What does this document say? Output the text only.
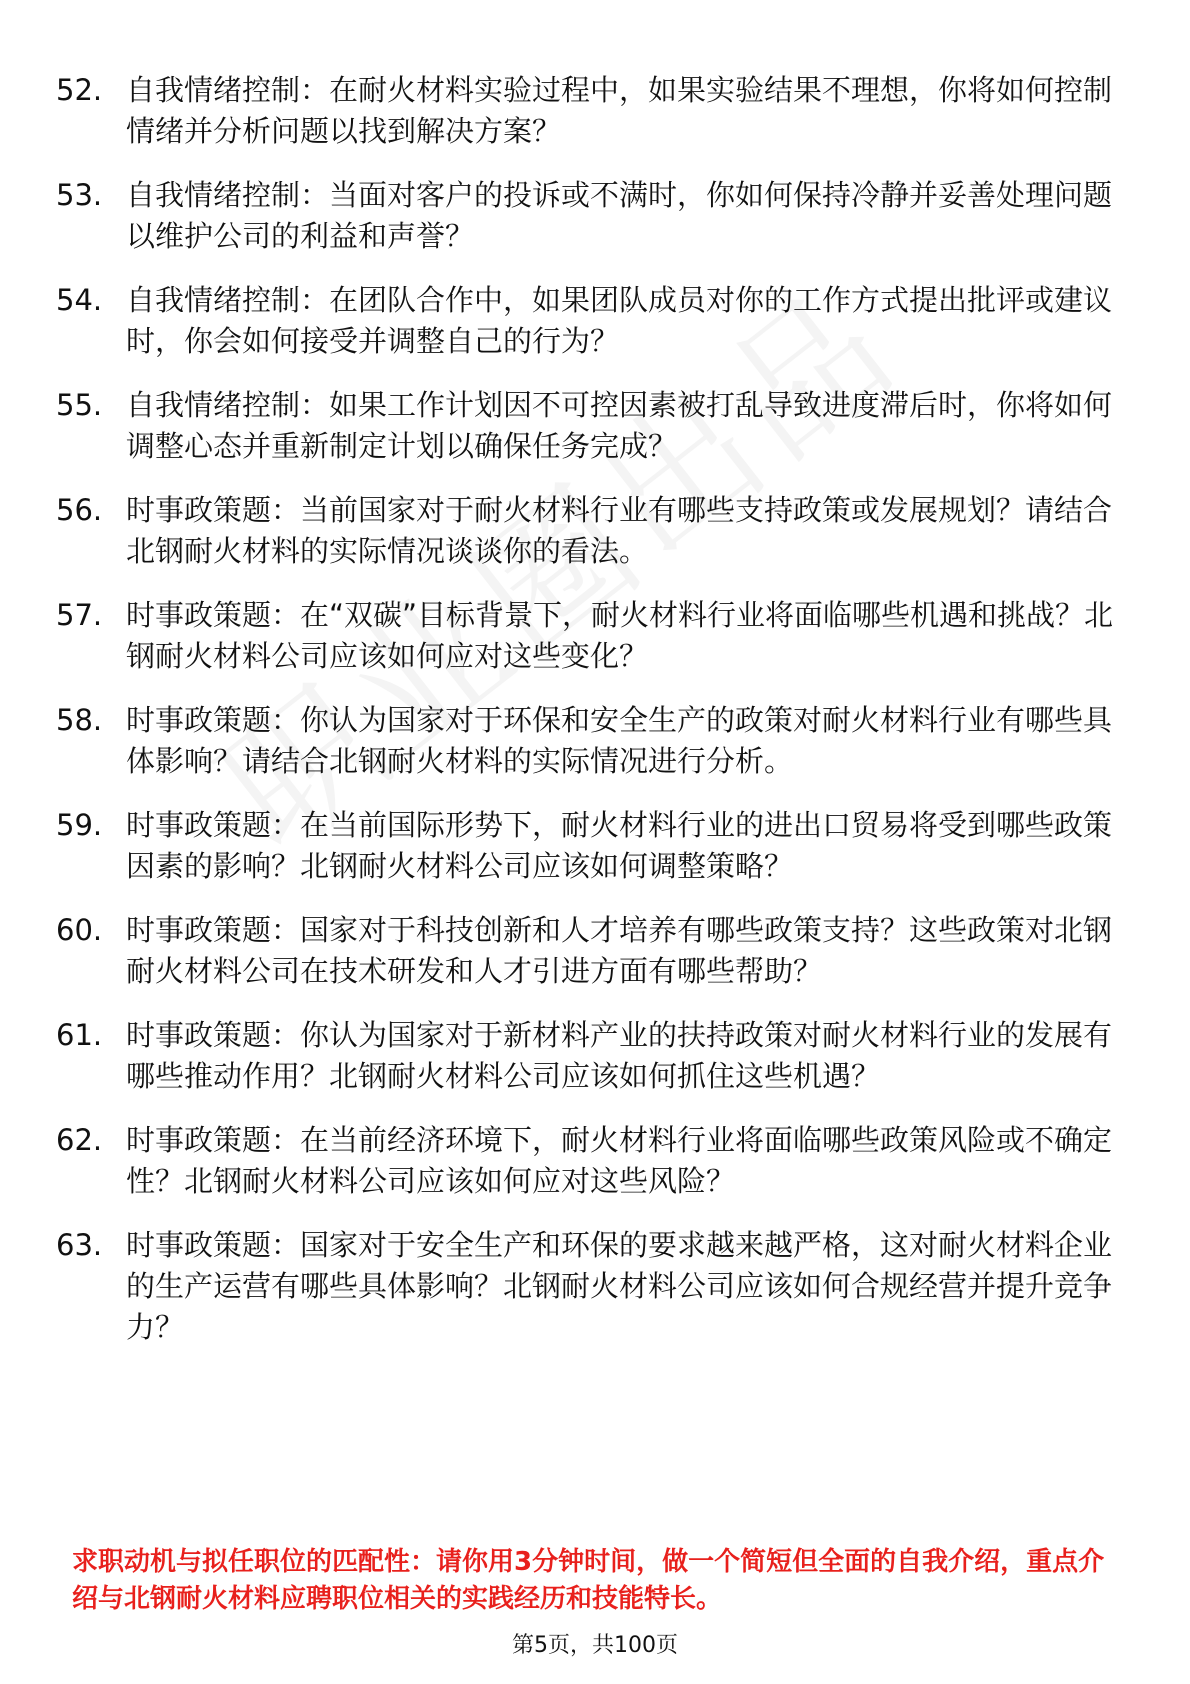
52. 自我情绪控制：在耐火材料实验过程中，如果实验结果不理想，你将如何控制情绪并分析问题以找到解决方案？
53. 自我情绪控制：当面对客户的投诉或不满时，你如何保持冷静并妥善处理问题以维护公司的利益和声誉？
54. 自我情绪控制：在团队合作中，如果团队成员对你的工作方式提出批评或建议时，你会如何接受并调整自己的行为？
55. 自我情绪控制：如果工作计划因不可控因素被打乱导致进度滞后时，你将如何调整心态并重新制定计划以确保任务完成？
56. 时事政策题：当前国家对于耐火材料行业有哪些支持政策或发展规划？请结合北钢耐火材料的实际情况谈谈你的看法。
57. 时事政策题：在“双碳”目标背景下，耐火材料行业将面临哪些机遇和挑战？北钢耐火材料公司应该如何应对这些变化？
58. 时事政策题：你认为国家对于环保和安全生产的政策对耐火材料行业有哪些具体影响？请结合北钢耐火材料的实际情况进行分析。
59. 时事政策题：在当前国际形势下，耐火材料行业的进出口贸易将受到哪些政策因素的影响？北钢耐火材料公司应该如何调整策略？
60. 时事政策题：国家对于科技创新和人才培养有哪些政策支持？这些政策对北钢耐火材料公司在技术研发和人才引进方面有哪些帮助？
61. 时事政策题：你认为国家对于新材料产业的扶持政策对耐火材料行业的发展有哪些推动作用？北钢耐火材料公司应该如何抓住这些机遇？
62. 时事政策题：在当前经济环境下，耐火材料行业将面临哪些政策风险或不确定性？北钢耐火材料公司应该如何应对这些风险？
63. 时事政策题：国家对于安全生产和环保的要求越来越严格，这对耐火材料企业的生产运营有哪些具体影响？北钢耐火材料公司应该如何合规经营并提升竞争力？
求职动机与拟任职位的匹配性：请你用3分钟时间，做一个简短但全面的自我介绍，重点介绍与北钢耐火材料应聘职位相关的实践经历和技能特长。
第5页，共100页
